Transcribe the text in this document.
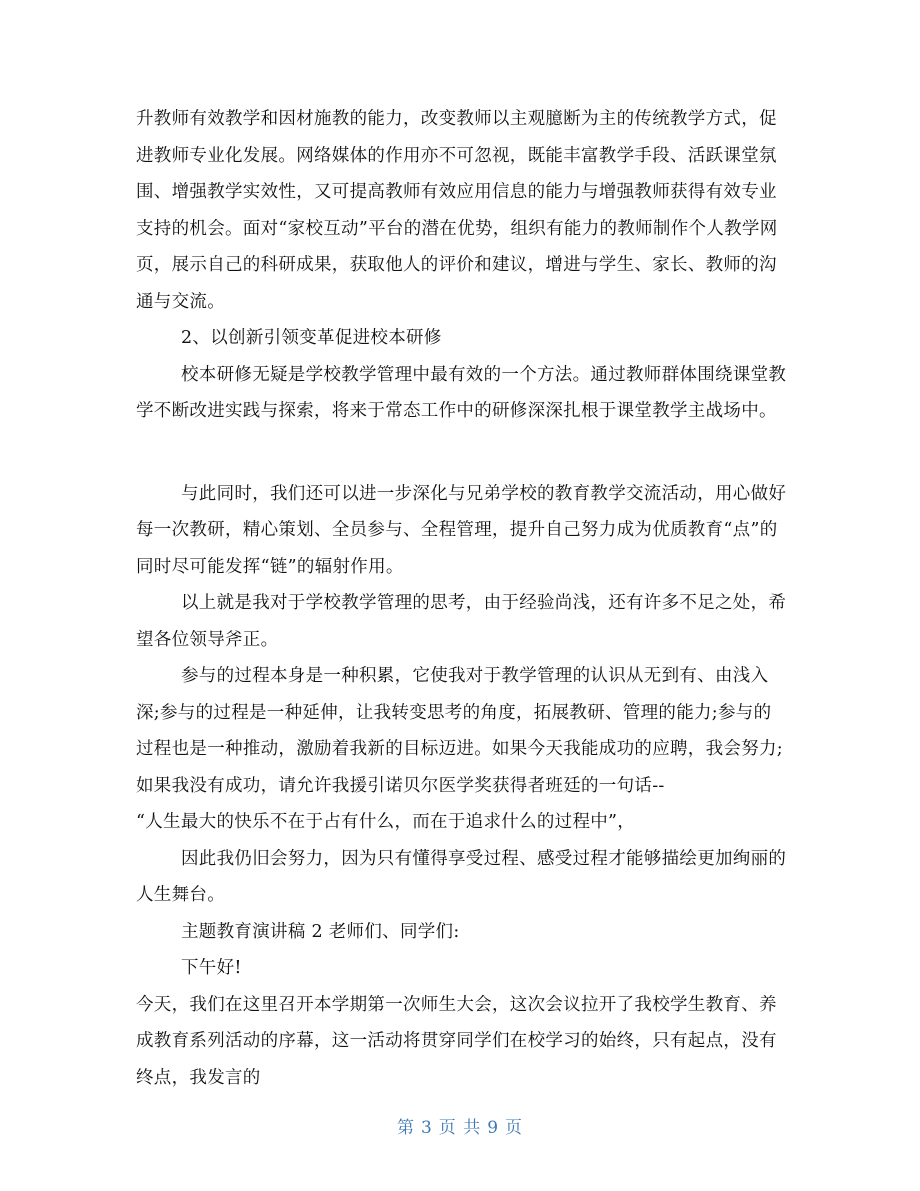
升教师有效教学和因材施教的能力，改变教师以主观臆断为主的传统教学方式，促进教师专业化发展。网络媒体的作用亦不可忽视，既能丰富教学手段、活跃课堂氛围、增强教学实效性，又可提高教师有效应用信息的能力与增强教师获得有效专业支持的机会。面对“家校互动”平台的潜在优势，组织有能力的教师制作个人教学网页，展示自己的科研成果，获取他人的评价和建议，增进与学生、家长、教师的沟通与交流。

2、以创新引领变革促进校本研修

校本研修无疑是学校教学管理中最有效的一个方法。通过教师群体围绕课堂教学不断改进实践与探索，将来于常态工作中的研修深深扎根于课堂教学主战场中。

与此同时，我们还可以进一步深化与兄弟学校的教育教学交流活动，用心做好每一次教研，精心策划、全员参与、全程管理，提升自己努力成为优质教育“点”的同时尽可能发挥“链”的辐射作用。

以上就是我对于学校教学管理的思考，由于经验尚浅，还有许多不足之处，希望各位领导斧正。

参与的过程本身是一种积累，它使我对于教学管理的认识从无到有、由浅入深;参与的过程是一种延伸，让我转变思考的角度，拓展教研、管理的能力;参与的过程也是一种推动，激励着我新的目标迈进。如果今天我能成功的应聘，我会努力;如果我没有成功，请允许我援引诺贝尔医学奖获得者班廷的一句话--

“人生最大的快乐不在于占有什么，而在于追求什么的过程中”，

因此我仍旧会努力，因为只有懂得享受过程、感受过程才能够描绘更加绚丽的人生舞台。

主题教育演讲稿 2 老师们、同学们:

下午好!

今天，我们在这里召开本学期第一次师生大会，这次会议拉开了我校学生教育、养成教育系列活动的序幕，这一活动将贯穿同学们在校学习的始终，只有起点，没有终点，我发言的

第 3 页 共 9 页
